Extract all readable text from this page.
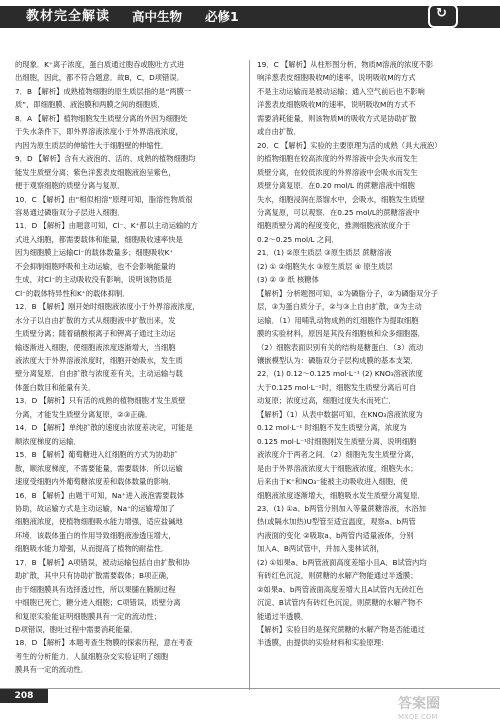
教材完全解读 高中生物 必修1	↻

的现象．K⁺离子浓度，蛋白质通过胞吞或胞吐方式进

出细胞，因此，都不符合题意．故B，C，D项错误．

7．B 【解析】成熟植物细胞的原生质层指的是“两膜一

质”，即细胞膜、液泡膜和两膜之间的细胞质．

8．A 【解析】植物细胞发生质壁分离的外因为细胞处

于失水条件下，即外界溶液浓度小于外界溶液浓度，

内因为原生质层的伸缩性大于细胞壁的伸缩性．

9．D 【解析】含有大液泡的、活的、成熟的植物细胞均

能发生质壁分离；紫色洋葱表皮细胞液泡呈紫色，

便于观察细胞的质壁分离与复原．

10．C 【解析】由“相似相溶”原理可知，脂溶性物质很

容易通过磷脂双分子层进入细胞．

11．D 【解析】由题意可知，Cl⁻、K⁺都以主动运输的方

式进入细胞，都需要载体和能量，细胞吸收速率快是

因为细胞膜上运输Cl⁻的载体数量多；细胞吸收K⁺

不会抑制细胞呼吸和主动运输，也不会影响能量的

生成，对Cl⁻的主动吸收没有影响，说明该物质是

Cl⁻的载体特异性和K⁺的载体抑制．

12．B 【解析】刚开始时细胞液浓度小于外界溶液浓度，

水分子以自由扩散的方式从细胞液中扩散出来，发

生质壁分离；随着硝酸根离子和钾离子通过主动运

输逐渐进入细胞，使细胞液浓度逐渐增大，当细胞

液浓度大于外界溶液浓度时，细胞开始吸水，发生质

壁分离复原．自由扩散与浓度差有关，主动运输与载

体蛋白数目和能量有关．

13．D 【解析】只有活的成熟的植物细胞才发生质壁

分离，才能发生质壁分离复原，②③正确．

14．D 【解析】单纯扩散的速度由浓度差决定，可能是

顺浓度梯度的运输．

15．B 【解析】葡萄糖进入红细胞的方式为协助扩

散，顺浓度梯度，不需要能量，需要载体．所以运输

速度受细胞内外葡萄糖浓度差和载体数量的影响．

16．B 【解析】由题干可知，Na⁺进入液泡需要载体

协助，故运输方式是主动运输，Na⁺的运输增加了

细胞液浓度，使植物细胞吸水能力增强，适应盐碱地

环境．该载体蛋白的作用导致细胞液渗透压增大，

细胞吸水能力增强，从而提高了植物的耐盐性．

17．B 【解析】A项错误，被动运输包括自由扩散和协

助扩散，其中只有协助扩散需要载体；B项正确，

由于细胞膜具有选择透过性，所以果脯在腌制过程

中细胞已死亡，糖分进入细胞；C项错误，质壁分离

和复原实验能证明细胞膜具有一定的流动性；

D项错误，胞吐过程中需要消耗能量．

18．D 【解析】本题考查生物膜的探索历程，意在考查

考生的分析能力．人鼠细胞杂交实验证明了细胞

膜具有一定的流动性．

19．C 【解析】从柱形图分析，物质M溶液的浓度不影

响洋葱表皮细胞吸收M的速率，说明吸收M的方式

不是主动运输而是被动运输；通入空气前后也不影响

洋葱表皮细胞吸收M的速率，说明吸收M的方式不

需要消耗能量，则该物质M的吸收方式是协助扩散

或自由扩散．

20．C 【解析】实验的主要原理为活的成熟（具大液泡）

的植物细胞在较高浓度的外界溶液中会失水而发生

质壁分离，在较低浓度的外界溶液中会吸水而发生

质壁分离复原．在0.20 mol/L 的蔗糖溶液中细胞

失水，细胞浸润在蒸馏水中，会吸水，细胞发生质壁

分离复原，可以观察．在0.25 mol/L的蔗糖溶液中

细胞质壁分离的程度变化，推测细胞液浓度介于

0.2～0.25 mol/L 之间．

21．(1) ②原生质层 ③原生质层 蔗糖溶液

(2) ① ②细胞失水 ③原生质层 ④ 原生质层

(3) ② ③ 纸 核糖体

【解析】分析题图可知，①为磷脂分子，②为磷脂双分子

层，③为蛋白质分子，②与③上自由扩散，③为主动

运输．（1）用哺乳动物成熟的红细胞作为提取细胞

膜的实验材料，原因是其没有细胞核和众多细胞器．

（2）细胞表面识别有关的结构是糖蛋白．（3）流动

镶嵌模型认为：磷脂双分子层构成膜的基本支架．

22．(1) 0.12～0.125 mol·L⁻¹ (2) KNO₃溶液浓度

大于0.125 mol·L⁻¹时，细胞发生质壁分离后可自

动复原；浓度过高，细胞过度失水而死亡．

【解析】（1）从表中数据可知，在KNO₃溶液浓度为

0.12 mol·L⁻¹ 时细胞不发生质壁分离，浓度为

0.125 mol·L⁻¹时细胞刚发生质壁分离，说明细胞

液浓度介于两者之间．（2）细胞先发生质壁分离，

是由于外界溶液浓度大于细胞液浓度，细胞失水；

后来由于K⁺和NO₃⁻能被主动吸收进入细胞，使

细胞液浓度逐渐增大，细胞吸水发生质壁分离复原．

23．(1) ①a、b两管分别加入等量蔗糖溶液，水浴加

热(或隔水加热)U型管至适宜温度，观察a、b两管

内液面的变化 ②吸取a、b两管内适量液体，分别

加入A、B两试管中，并加入斐林试剂，

(2) ①如果a、b两管液面高度差缩小且A、B试管内均

有砖红色沉淀，则蔗糖的水解产物能通过半透膜；

②如果a、b两管液面高度差增大且A试管内无砖红色

沉淀、B试管内有砖红色沉淀，则蔗糖的水解产物不

能通过半透膜．

【解析】实验目的是探究蔗糖的水解产物是否能通过

半透膜，由提供的实验材料和实验原理：

208	答案圈
MXQE.COM
